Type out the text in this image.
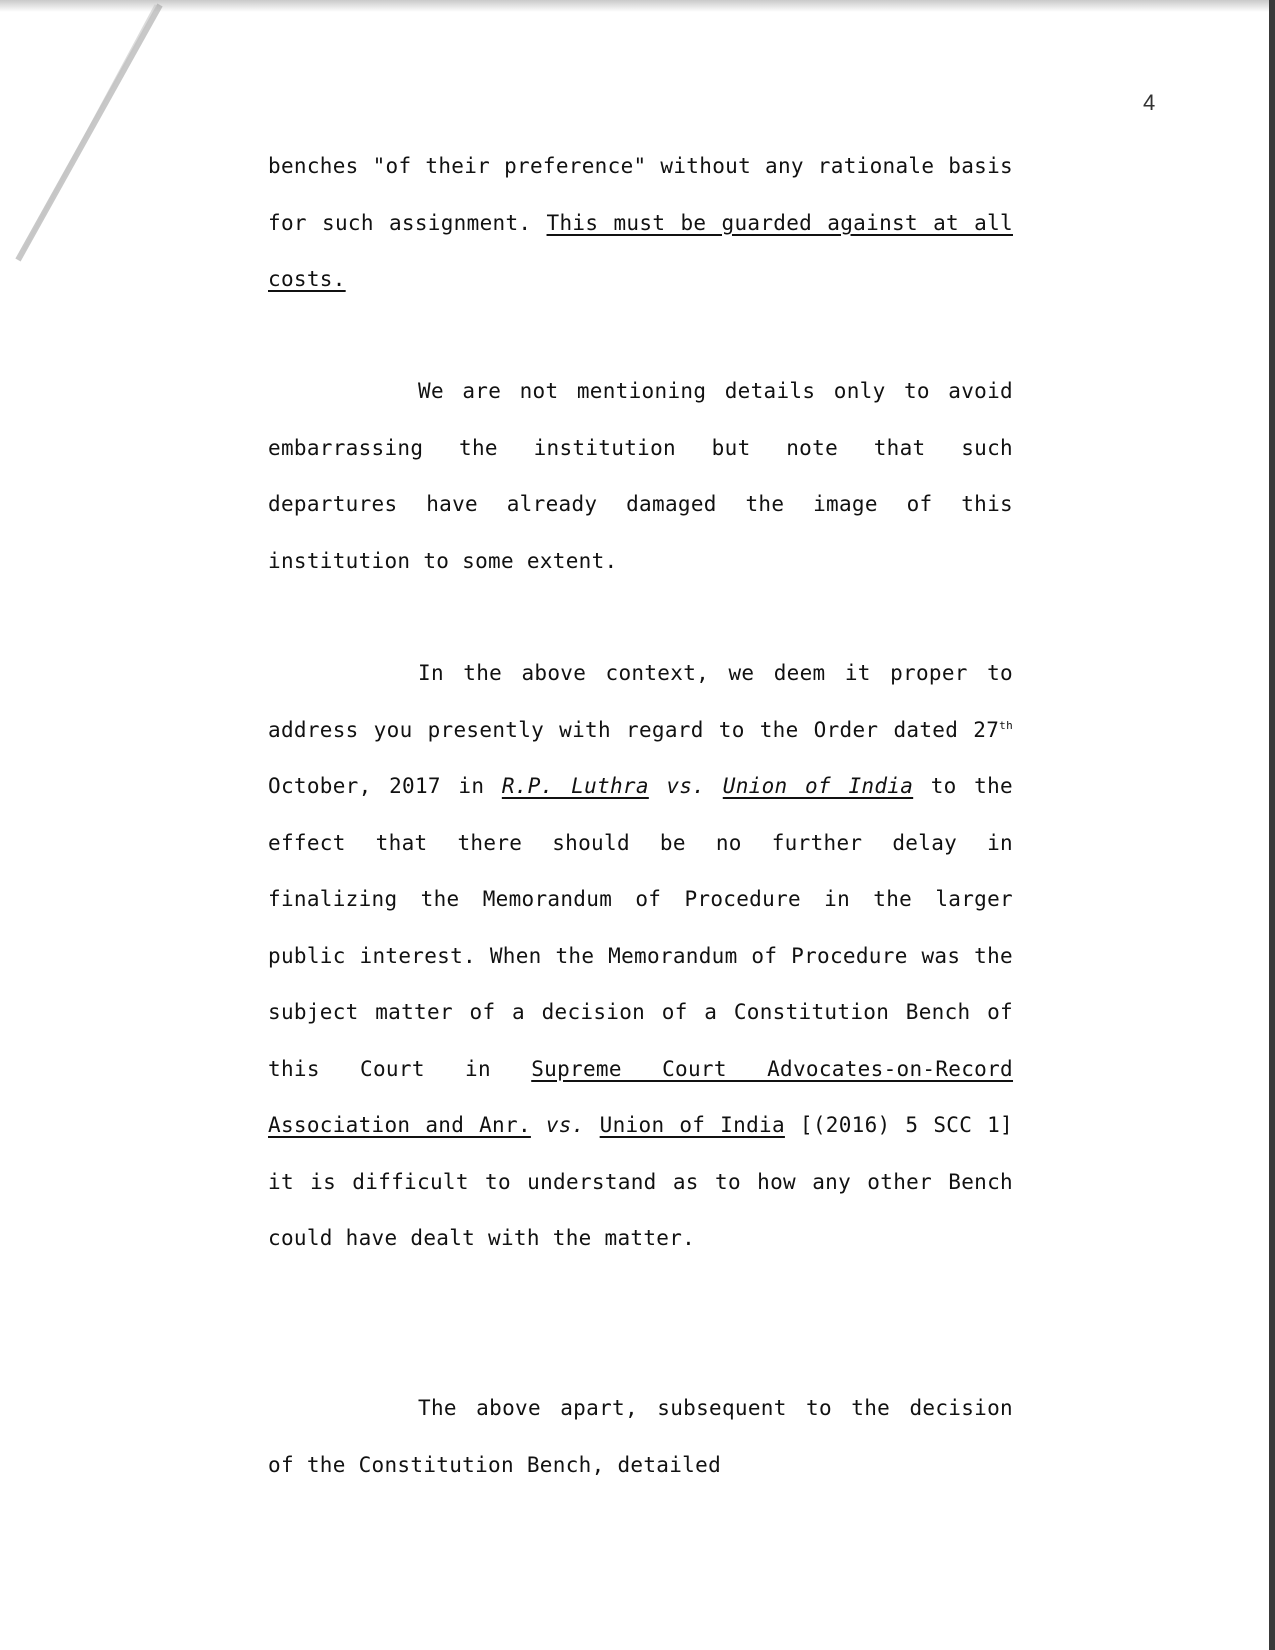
4
benches "of their preference" without any rationale basis for such assignment. This must be guarded against at all costs.
We are not mentioning details only to avoid embarrassing the institution but note that such departures have already damaged the image of this institution to some extent.
In the above context, we deem it proper to address you presently with regard to the Order dated 27th October, 2017 in R.P. Luthra vs. Union of India to the effect that there should be no further delay in finalizing the Memorandum of Procedure in the larger public interest. When the Memorandum of Procedure was the subject matter of a decision of a Constitution Bench of this Court in Supreme Court Advocates-on-Record Association and Anr. vs. Union of India [(2016) 5 SCC 1] it is difficult to understand as to how any other Bench could have dealt with the matter.
The above apart, subsequent to the decision of the Constitution Bench, detailed
